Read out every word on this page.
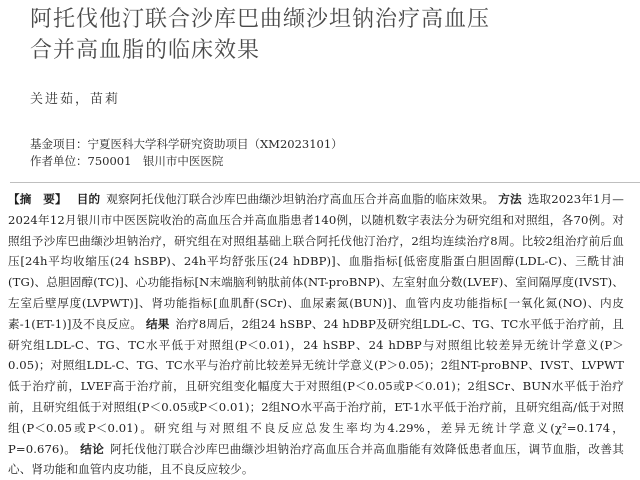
阿托伐他汀联合沙库巴曲缬沙坦钠治疗高血压
合并高血脂的临床效果
关进茹，苗莉
基金项目：宁夏医科大学科学研究资助项目（XM2023101）
作者单位：750001　银川市中医医院
【摘　要】 目的 观察阿托伐他汀联合沙库巴曲缬沙坦钠治疗高血压合并高血脂的临床效果。 方法 选取2023年1月—2024年12月银川市中医医院收治的高血压合并高血脂患者140例，以随机数字表法分为研究组和对照组，各70例。对照组予沙库巴曲缬沙坦钠治疗，研究组在对照组基础上联合阿托伐他汀治疗，2组均连续治疗8周。比较2组治疗前后血压[24h平均收缩压(24 hSBP)、24h平均舒张压(24 hDBP)]、血脂指标[低密度脂蛋白胆固醇(LDL-C)、三酰甘油(TG)、总胆固醇(TC)]、心功能指标[N末端脑利钠肽前体(NT-proBNP)、左室射血分数(LVEF)、室间隔厚度(IVST)、左室后壁厚度(LVPWT)]、肾功能指标[血肌酐(SCr)、血尿素氮(BUN)]、血管内皮功能指标[一氧化氮(NO)、内皮素-1(ET-1)]及不良反应。 结果 治疗8周后，2组24 hSBP、24 hDBP及研究组LDL-C、TG、TC水平低于治疗前，且研究组LDL-C、TG、TC水平低于对照组(P＜0.01)，24 hSBP、24 hDBP与对照组比较差异无统计学意义(P＞0.05)；对照组LDL-C、TG、TC水平与治疗前比较差异无统计学意义(P＞0.05)；2组NT-proBNP、IVST、LVPWT低于治疗前，LVEF高于治疗前，且研究组变化幅度大于对照组(P＜0.05或P＜0.01)；2组SCr、BUN水平低于治疗前，且研究组低于对照组(P＜0.05或P＜0.01)；2组NO水平高于治疗前，ET-1水平低于治疗前，且研究组高/低于对照组(P＜0.05或P＜0.01)。研究组与对照组不良反应总发生率均为4.29%，差异无统计学意义(χ²=0.174，P=0.676)。 结论 阿托伐他汀联合沙库巴曲缬沙坦钠治疗高血压合并高血脂能有效降低患者血压，调节血脂，改善其心、肾功能和血管内皮功能，且不良反应较少。
